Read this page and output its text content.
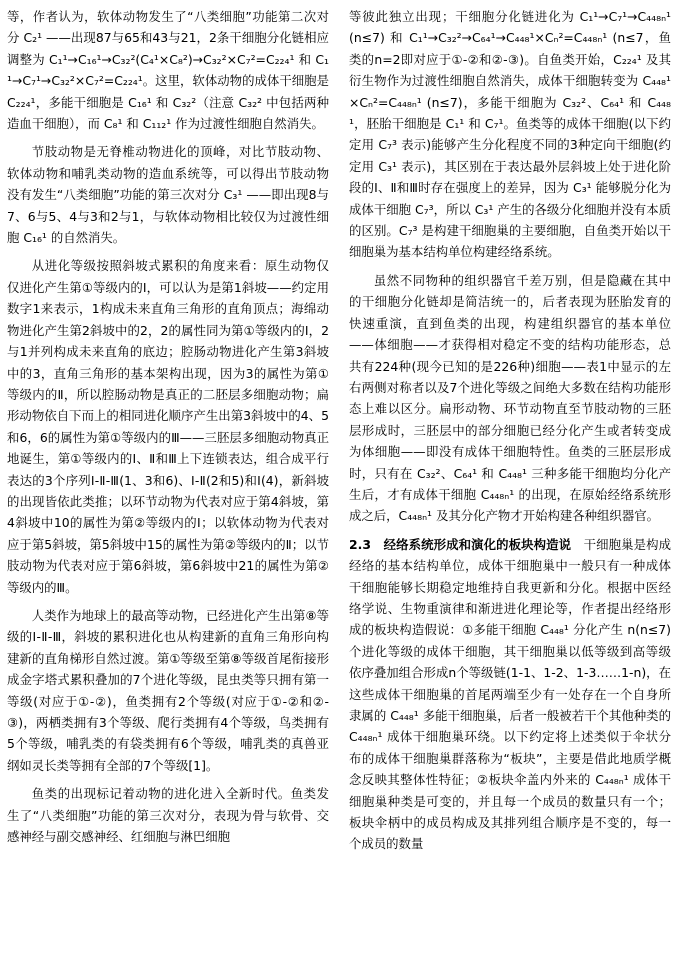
等，作者认为，软体动物发生了“八类细胞”功能第二次对分 C₂¹ ——出现87与65和43与21，2条干细胞分化链相应调整为 C₁¹→C₁₆¹→C₃₂²(C₄¹×C₈²)→C₃₂²×C₇²=C₂₂₄¹ 和 C₁¹→C₇¹→C₃₂²×C₇²=C₂₂₄¹。这里，软体动物的成体干细胞是 C₂₂₄¹，多能干细胞是 C₁₆¹ 和 C₃₂²（注意 C₃₂² 中包括两种造血干细胞），而 C₈¹ 和 C₁₁₂¹ 作为过渡性细胞自然消失。

节肢动物是无脊椎动物进化的顶峰，对比节肢动物、软体动物和哺乳类动物的造血系统等，可以得出节肢动物没有发生“八类细胞”功能的第三次对分 C₃¹ ——即出现8与7、6与5、4与3和2与1，与软体动物相比较仅为过渡性细胞 C₁₆¹ 的自然消失。

从进化等级按照斜坡式累积的角度来看：原生动物仅仅进化产生第①等级内的Ⅰ，可以认为是第1斜坡——约定用数字1来表示，1构成未来直角三角形的直角顶点；海绵动物进化产生第2斜坡中的2，2的属性同为第①等级内的Ⅰ，2与1并列构成未来直角的底边；腔肠动物进化产生第3斜坡中的3，直角三角形的基本架构出现，因为3的属性为第①等级内的Ⅱ，所以腔肠动物是真正的二胚层多细胞动物；扁形动物依自下而上的相同进化顺序产生出第3斜坡中的4、5和6，6的属性为第①等级内的Ⅲ——三胚层多细胞动物真正地诞生，第①等级内的Ⅰ、Ⅱ和Ⅲ上下连锁表达，组合成平行表达的3个序列Ⅰ-Ⅱ-Ⅲ(1、3和6)、Ⅰ-Ⅱ(2和5)和Ⅰ(4)，新斜坡的出现皆依此类推；以环节动物为代表对应于第4斜坡，第4斜坡中10的属性为第②等级内的Ⅰ；以软体动物为代表对应于第5斜坡，第5斜坡中15的属性为第②等级内的Ⅱ；以节肢动物为代表对应于第6斜坡，第6斜坡中21的属性为第②等级内的Ⅲ。

人类作为地球上的最高等动物，已经进化产生出第⑧等级的Ⅰ-Ⅱ-Ⅲ，斜坡的累积进化也从构建新的直角三角形向构建新的直角梯形自然过渡。第①等级至第⑧等级首尾衔接形成金字塔式累积叠加的7个进化等级，昆虫类等只拥有第一等级(对应于①-②)，鱼类拥有2个等级(对应于①-②和②-③)，两栖类拥有3个等级、爬行类拥有4个等级，鸟类拥有5个等级，哺乳类的有袋类拥有6个等级，哺乳类的真兽亚纲如灵长类等拥有全部的7个等级[1]。

鱼类的出现标记着动物的进化进入全新时代。鱼类发生了“八类细胞”功能的第三次对分，表现为骨与软骨、交感神经与副交感神经、红细胞与淋巴细胞

等彼此独立出现；干细胞分化链进化为 C₁¹→C₇¹→C₄₄₈ₙ¹ (n≤7) 和 C₁¹→C₃₂²→C₆₄¹→C₄₄₈¹×Cₙ²=C₄₄₈ₙ¹ (n≤7，鱼类的n=2即对应于①-②和②-③)。自鱼类开始，C₂₂₄¹ 及其衍生物作为过渡性细胞自然消失，成体干细胞转变为 C₄₄₈¹×Cₙ²=C₄₄₈ₙ¹ (n≤7)，多能干细胞为 C₃₂²、C₆₄¹ 和 C₄₄₈¹，胚胎干细胞是 C₁¹ 和 C₇¹。鱼类等的成体干细胞(以下约定用 C₇³ 表示)能够产生分化程度不同的3种定向干细胞(约定用 C₃¹ 表示)，其区别在于表达最外层斜坡上处于进化阶段的Ⅰ、Ⅱ和Ⅲ时存在强度上的差异，因为 C₃¹ 能够脱分化为成体干细胞 C₇³，所以 C₃¹ 产生的各级分化细胞并没有本质的区别。C₇³ 是构建干细胞巢的主要细胞，自鱼类开始以干细胞巢为基本结构单位构建经络系统。

虽然不同物种的组织器官千差万别，但是隐藏在其中的干细胞分化链却是简洁统一的，后者表现为胚胎发育的快速重演，直到鱼类的出现，构建组织器官的基本单位——体细胞——才获得相对稳定不变的结构功能形态，总共有224种(现今已知的是226种)细胞——表1中显示的左右两侧对称者以及7个进化等级之间绝大多数在结构功能形态上难以区分。扁形动物、环节动物直至节肢动物的三胚层形成时，三胚层中的部分细胞已经分化产生或者转变成为体细胞——即没有成体干细胞特性。鱼类的三胚层形成时，只有在 C₃₂²、C₆₄¹ 和 C₄₄₈¹ 三种多能干细胞均分化产生后，才有成体干细胞 C₄₄₈ₙ¹ 的出现，在原始经络系统形成之后，C₄₄₈ₙ¹ 及其分化产物才开始构建各种组织器官。

2.3　经络系统形成和演化的板块构造说　干细胞巢是构成经络的基本结构单位，成体干细胞巢中一般只有一种成体干细胞能够长期稳定地维持自我更新和分化。根据中医经络学说、生物重演律和渐进进化理论等，作者提出经络形成的板块构造假说：①多能干细胞 C₄₄₈¹ 分化产生 n(n≤7) 个进化等级的成体干细胞，其干细胞巢以低等级到高等级依序叠加组合形成n个等级链(1-1、1-2、1-3……1-n)，在这些成体干细胞巢的首尾两端至少有一处存在一个自身所隶属的 C₄₄₈¹ 多能干细胞巢，后者一般被若干个其他种类的 C₄₄₈ₙ¹ 成体干细胞巢环绕。以下约定将上述类似于伞状分布的成体干细胞巢群落称为“板块”，主要是借此地质学概念反映其整体性特征；②板块伞盖内外来的 C₄₄₈ₙ¹ 成体干细胞巢种类是可变的，并且每一个成员的数量只有一个；板块伞柄中的成员构成及其排列组合顺序是不变的，每一个成员的数量
